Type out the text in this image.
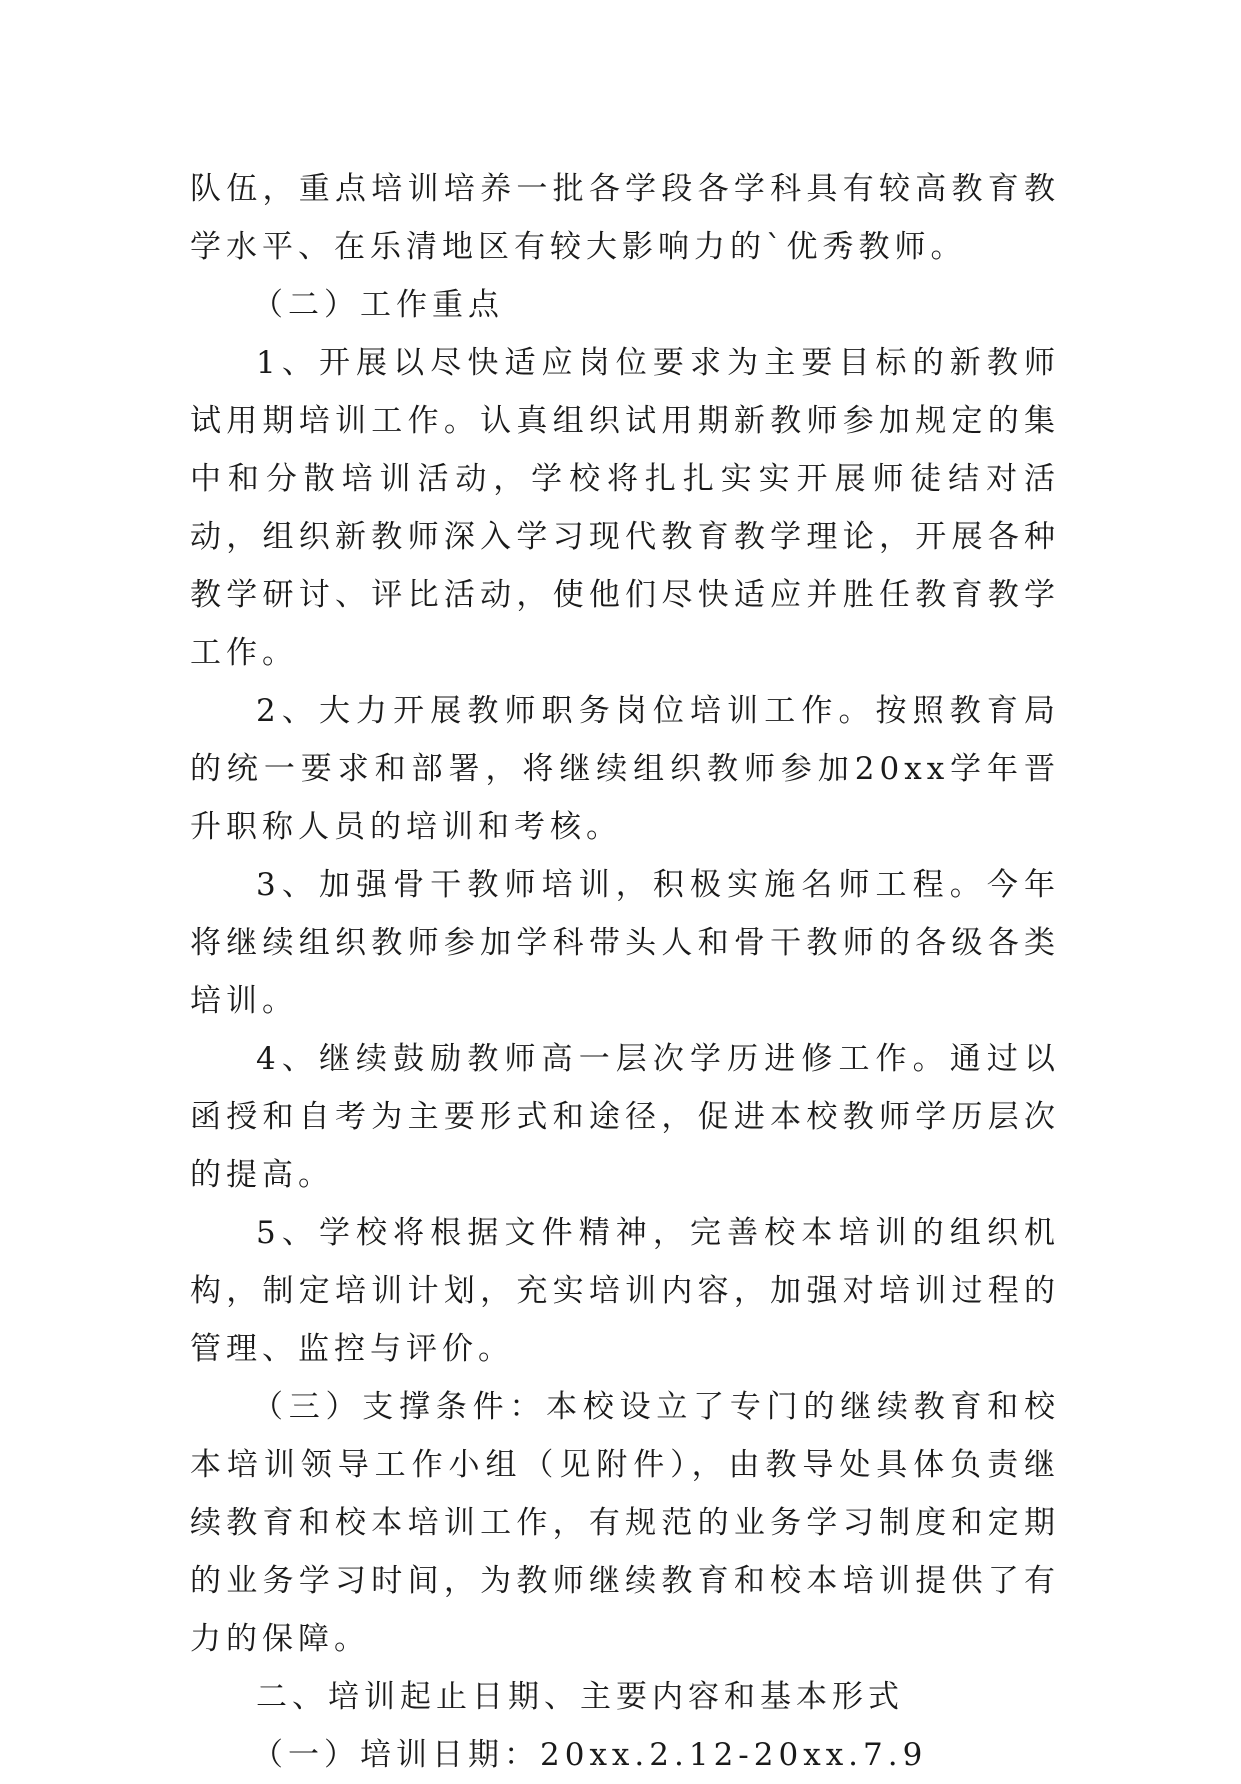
队伍，重点培训培养一批各学段各学科具有较高教育教学水平、在乐清地区有较大影响力的`优秀教师。

（二）工作重点

1、开展以尽快适应岗位要求为主要目标的新教师试用期培训工作。认真组织试用期新教师参加规定的集中和分散培训活动，学校将扎扎实实开展师徒结对活动，组织新教师深入学习现代教育教学理论，开展各种教学研讨、评比活动，使他们尽快适应并胜任教育教学工作。

2、大力开展教师职务岗位培训工作。按照教育局的统一要求和部署，将继续组织教师参加20xx学年晋升职称人员的培训和考核。

3、加强骨干教师培训，积极实施名师工程。今年将继续组织教师参加学科带头人和骨干教师的各级各类培训。

4、继续鼓励教师高一层次学历进修工作。通过以函授和自考为主要形式和途径，促进本校教师学历层次的提高。

5、学校将根据文件精神，完善校本培训的组织机构，制定培训计划，充实培训内容，加强对培训过程的管理、监控与评价。

（三）支撑条件：本校设立了专门的继续教育和校本培训领导工作小组（见附件），由教导处具体负责继续教育和校本培训工作，有规范的业务学习制度和定期的业务学习时间，为教师继续教育和校本培训提供了有力的保障。

二、培训起止日期、主要内容和基本形式

（一）培训日期：20xx.2.12-20xx.7.9
